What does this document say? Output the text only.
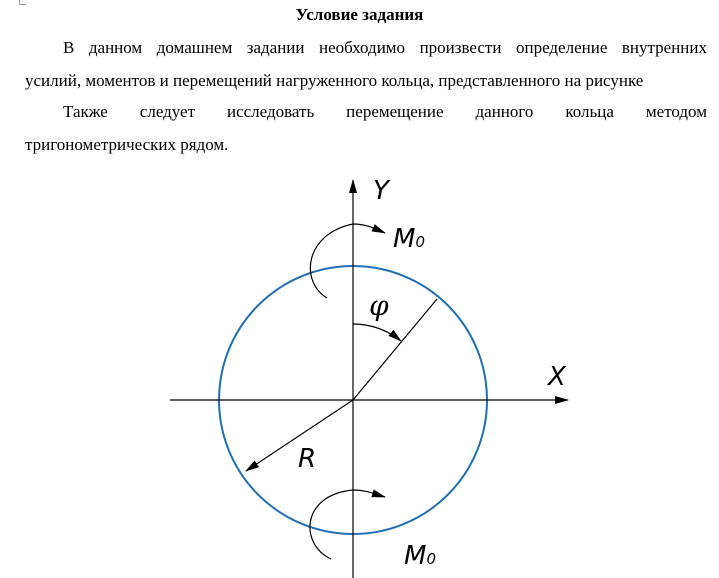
Условие задания
В данном домашнем задании необходимо произвести определение внутренних
усилий, моментов и перемещений нагруженного кольца, представленного на рисунке
Также следует исследовать перемещение данного кольца методом
тригонометрических рядом.
Y
X
φ
R
M0
M0
